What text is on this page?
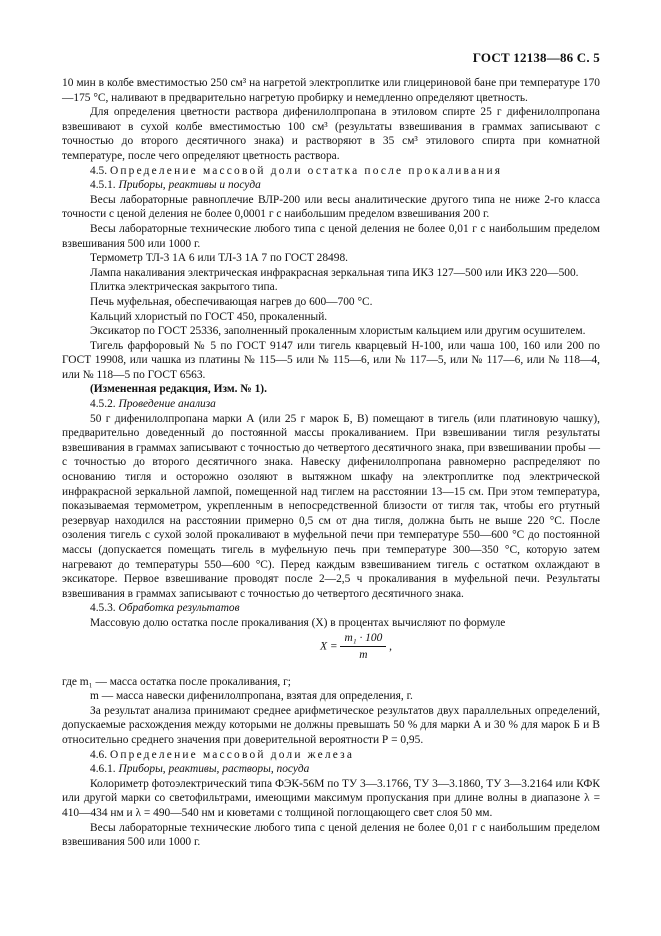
ГОСТ 12138—86 С. 5

10 мин в колбе вместимостью 250 см³ на нагретой электроплитке или глицериновой бане при температуре 170—175 °С, наливают в предварительно нагретую пробирку и немедленно определяют цветность.

Для определения цветности раствора дифенилолпропана в этиловом спирте 25 г дифенилолпропана взвешивают в сухой колбе вместимостью 100 см³ (результаты взвешивания в граммах записывают с точностью до второго десятичного знака) и растворяют в 35 см³ этилового спирта при комнатной температуре, после чего определяют цветность раствора.

4.5. Определение массовой доли остатка после прокаливания

4.5.1. Приборы, реактивы и посуда

Весы лабораторные равноплечие ВЛР-200 или весы аналитические другого типа не ниже 2-го класса точности с ценой деления не более 0,0001 г с наибольшим пределом взвешивания 200 г.

Весы лабораторные технические любого типа с ценой деления не более 0,01 г с наибольшим пределом взвешивания 500 или 1000 г.

Термометр ТЛ-3 1А 6 или ТЛ-3 1А 7 по ГОСТ 28498.

Лампа накаливания электрическая инфракрасная зеркальная типа ИКЗ 127—500 или ИКЗ 220—500.

Плитка электрическая закрытого типа.

Печь муфельная, обеспечивающая нагрев до 600—700 °С.

Кальций хлористый по ГОСТ 450, прокаленный.

Эксикатор по ГОСТ 25336, заполненный прокаленным хлористым кальцием или другим осушителем.

Тигель фарфоровый № 5 по ГОСТ 9147 или тигель кварцевый Н-100, или чаша 100, 160 или 200 по ГОСТ 19908, или чашка из платины № 115—5 или № 115—6, или № 117—5, или № 117—6, или № 118—4, или № 118—5 по ГОСТ 6563.

(Измененная редакция, Изм. № 1).

4.5.2. Проведение анализа

50 г дифенилолпропана марки А (или 25 г марок Б, В) помещают в тигель (или платиновую чашку), предварительно доведенный до постоянной массы прокаливанием. При взвешивании тигля результаты взвешивания в граммах записывают с точностью до четвертого десятичного знака, при взвешивании пробы — с точностью до второго десятичного знака. Навеску дифенилолпропана равномерно распределяют по основанию тигля и осторожно озоляют в вытяжном шкафу на электроплитке под электрической инфракрасной зеркальной лампой, помещенной над тиглем на расстоянии 13—15 см. При этом температура, показываемая термометром, укрепленным в непосредственной близости от тигля так, чтобы его ртутный резервуар находился на расстоянии примерно 0,5 см от дна тигля, должна быть не выше 220 °С. После озоления тигель с сухой золой прокаливают в муфельной печи при температуре 550—600 °С до постоянной массы (допускается помещать тигель в муфельную печь при температуре 300—350 °С, которую затем нагревают до температуры 550—600 °С). Перед каждым взвешиванием тигель с остатком охлаждают в эксикаторе. Первое взвешивание проводят после 2—2,5 ч прокаливания в муфельной печи. Результаты взвешивания в граммах записывают с точностью до четвертого десятичного знака.

4.5.3. Обработка результатов

Массовую долю остатка после прокаливания (X) в процентах вычисляют по формуле

$X = \frac{\text{m₁ · 100}}{m}$ ,

где m₁ — масса остатка после прокаливания, г;

m — масса навески дифенилолпропана, взятая для определения, г.

За результат анализа принимают среднее арифметическое результатов двух параллельных определений, допускаемые расхождения между которыми не должны превышать 50 % для марки А и 30 % для марок Б и В относительно среднего значения при доверительной вероятности Р = 0,95.

4.6. Определение массовой доли железа

4.6.1. Приборы, реактивы, растворы, посуда

Колориметр фотоэлектрический типа ФЭК-56М по ТУ 3—3.1766, ТУ 3—3.1860, ТУ 3—3.2164 или КФК или другой марки со светофильтрами, имеющими максимум пропускания при длине волны в диапазоне λ = 410—434 нм и λ = 490—540 нм и кюветами с толщиной поглощающего свет слоя 50 мм.

Весы лабораторные технические любого типа с ценой деления не более 0,01 г с наибольшим пределом взвешивания 500 или 1000 г.
